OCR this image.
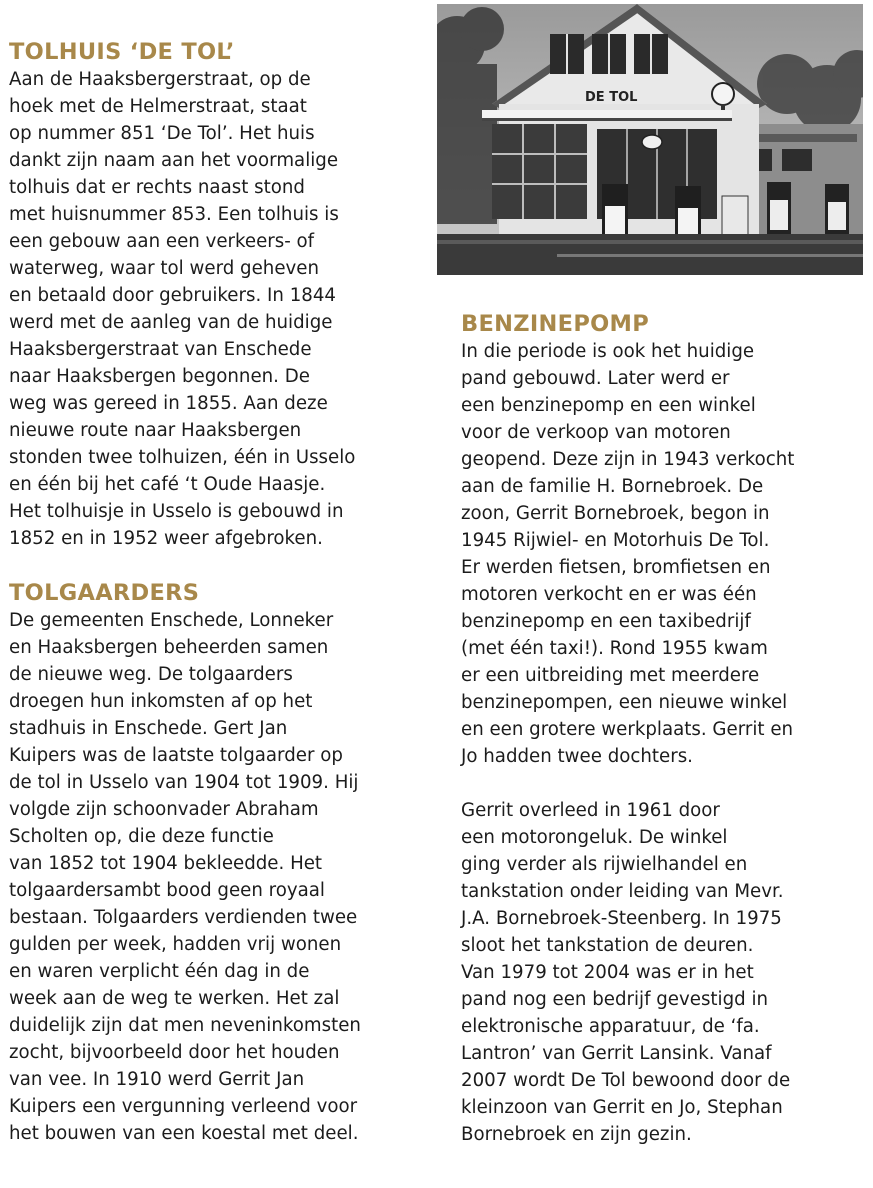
DE TOL
TOLHUIS ‘DE TOL’
Aan de Haaksbergerstraat, op de
hoek met de Helmerstraat, staat
op nummer 851 ‘De Tol’. Het huis
dankt zijn naam aan het voormalige
tolhuis dat er rechts naast stond
met huisnummer 853. Een tolhuis is
een gebouw aan een verkeers- of
waterweg, waar tol werd geheven
en betaald door gebruikers. In 1844
werd met de aanleg van de huidige
Haaksbergerstraat van Enschede
naar Haaksbergen begonnen. De
weg was gereed in 1855. Aan deze
nieuwe route naar Haaksbergen
stonden twee tolhuizen, één in Usselo
en één bij het café ‘t Oude Haasje.
Het tolhuisje in Usselo is gebouwd in
1852 en in 1952 weer afgebroken.
TOLGAARDERS
De gemeenten Enschede, Lonneker
en Haaksbergen beheerden samen
de nieuwe weg. De tolgaarders
droegen hun inkomsten af op het
stadhuis in Enschede. Gert Jan
Kuipers was de laatste tolgaarder op
de tol in Usselo van 1904 tot 1909. Hij
volgde zijn schoonvader Abraham
Scholten op, die deze functie
van 1852 tot 1904 bekleedde. Het
tolgaardersambt bood geen royaal
bestaan. Tolgaarders verdienden twee
gulden per week, hadden vrij wonen
en waren verplicht één dag in de
week aan de weg te werken. Het zal
duidelijk zijn dat men neveninkomsten
zocht, bijvoorbeeld door het houden
van vee. In 1910 werd Gerrit Jan
Kuipers een vergunning verleend voor
het bouwen van een koestal met deel.
BENZINEPOMP
In die periode is ook het huidige
pand gebouwd. Later werd er
een benzinepomp en een winkel
voor de verkoop van motoren
geopend. Deze zijn in 1943 verkocht
aan de familie H. Bornebroek. De
zoon, Gerrit Bornebroek, begon in
1945 Rijwiel- en Motorhuis De Tol.
Er werden fietsen, bromfietsen en
motoren verkocht en er was één
benzinepomp en een taxibedrijf
(met één taxi!). Rond 1955 kwam
er een uitbreiding met meerdere
benzinepompen, een nieuwe winkel
en een grotere werkplaats. Gerrit en
Jo hadden twee dochters.
Gerrit overleed in 1961 door
een motorongeluk. De winkel
ging verder als rijwielhandel en
tankstation onder leiding van Mevr.
J.A. Bornebroek-Steenberg. In 1975
sloot het tankstation de deuren.
Van 1979 tot 2004 was er in het
pand nog een bedrijf gevestigd in
elektronische apparatuur, de ‘fa.
Lantron’ van Gerrit Lansink. Vanaf
2007 wordt De Tol bewoond door de
kleinzoon van Gerrit en Jo, Stephan
Bornebroek en zijn gezin.
